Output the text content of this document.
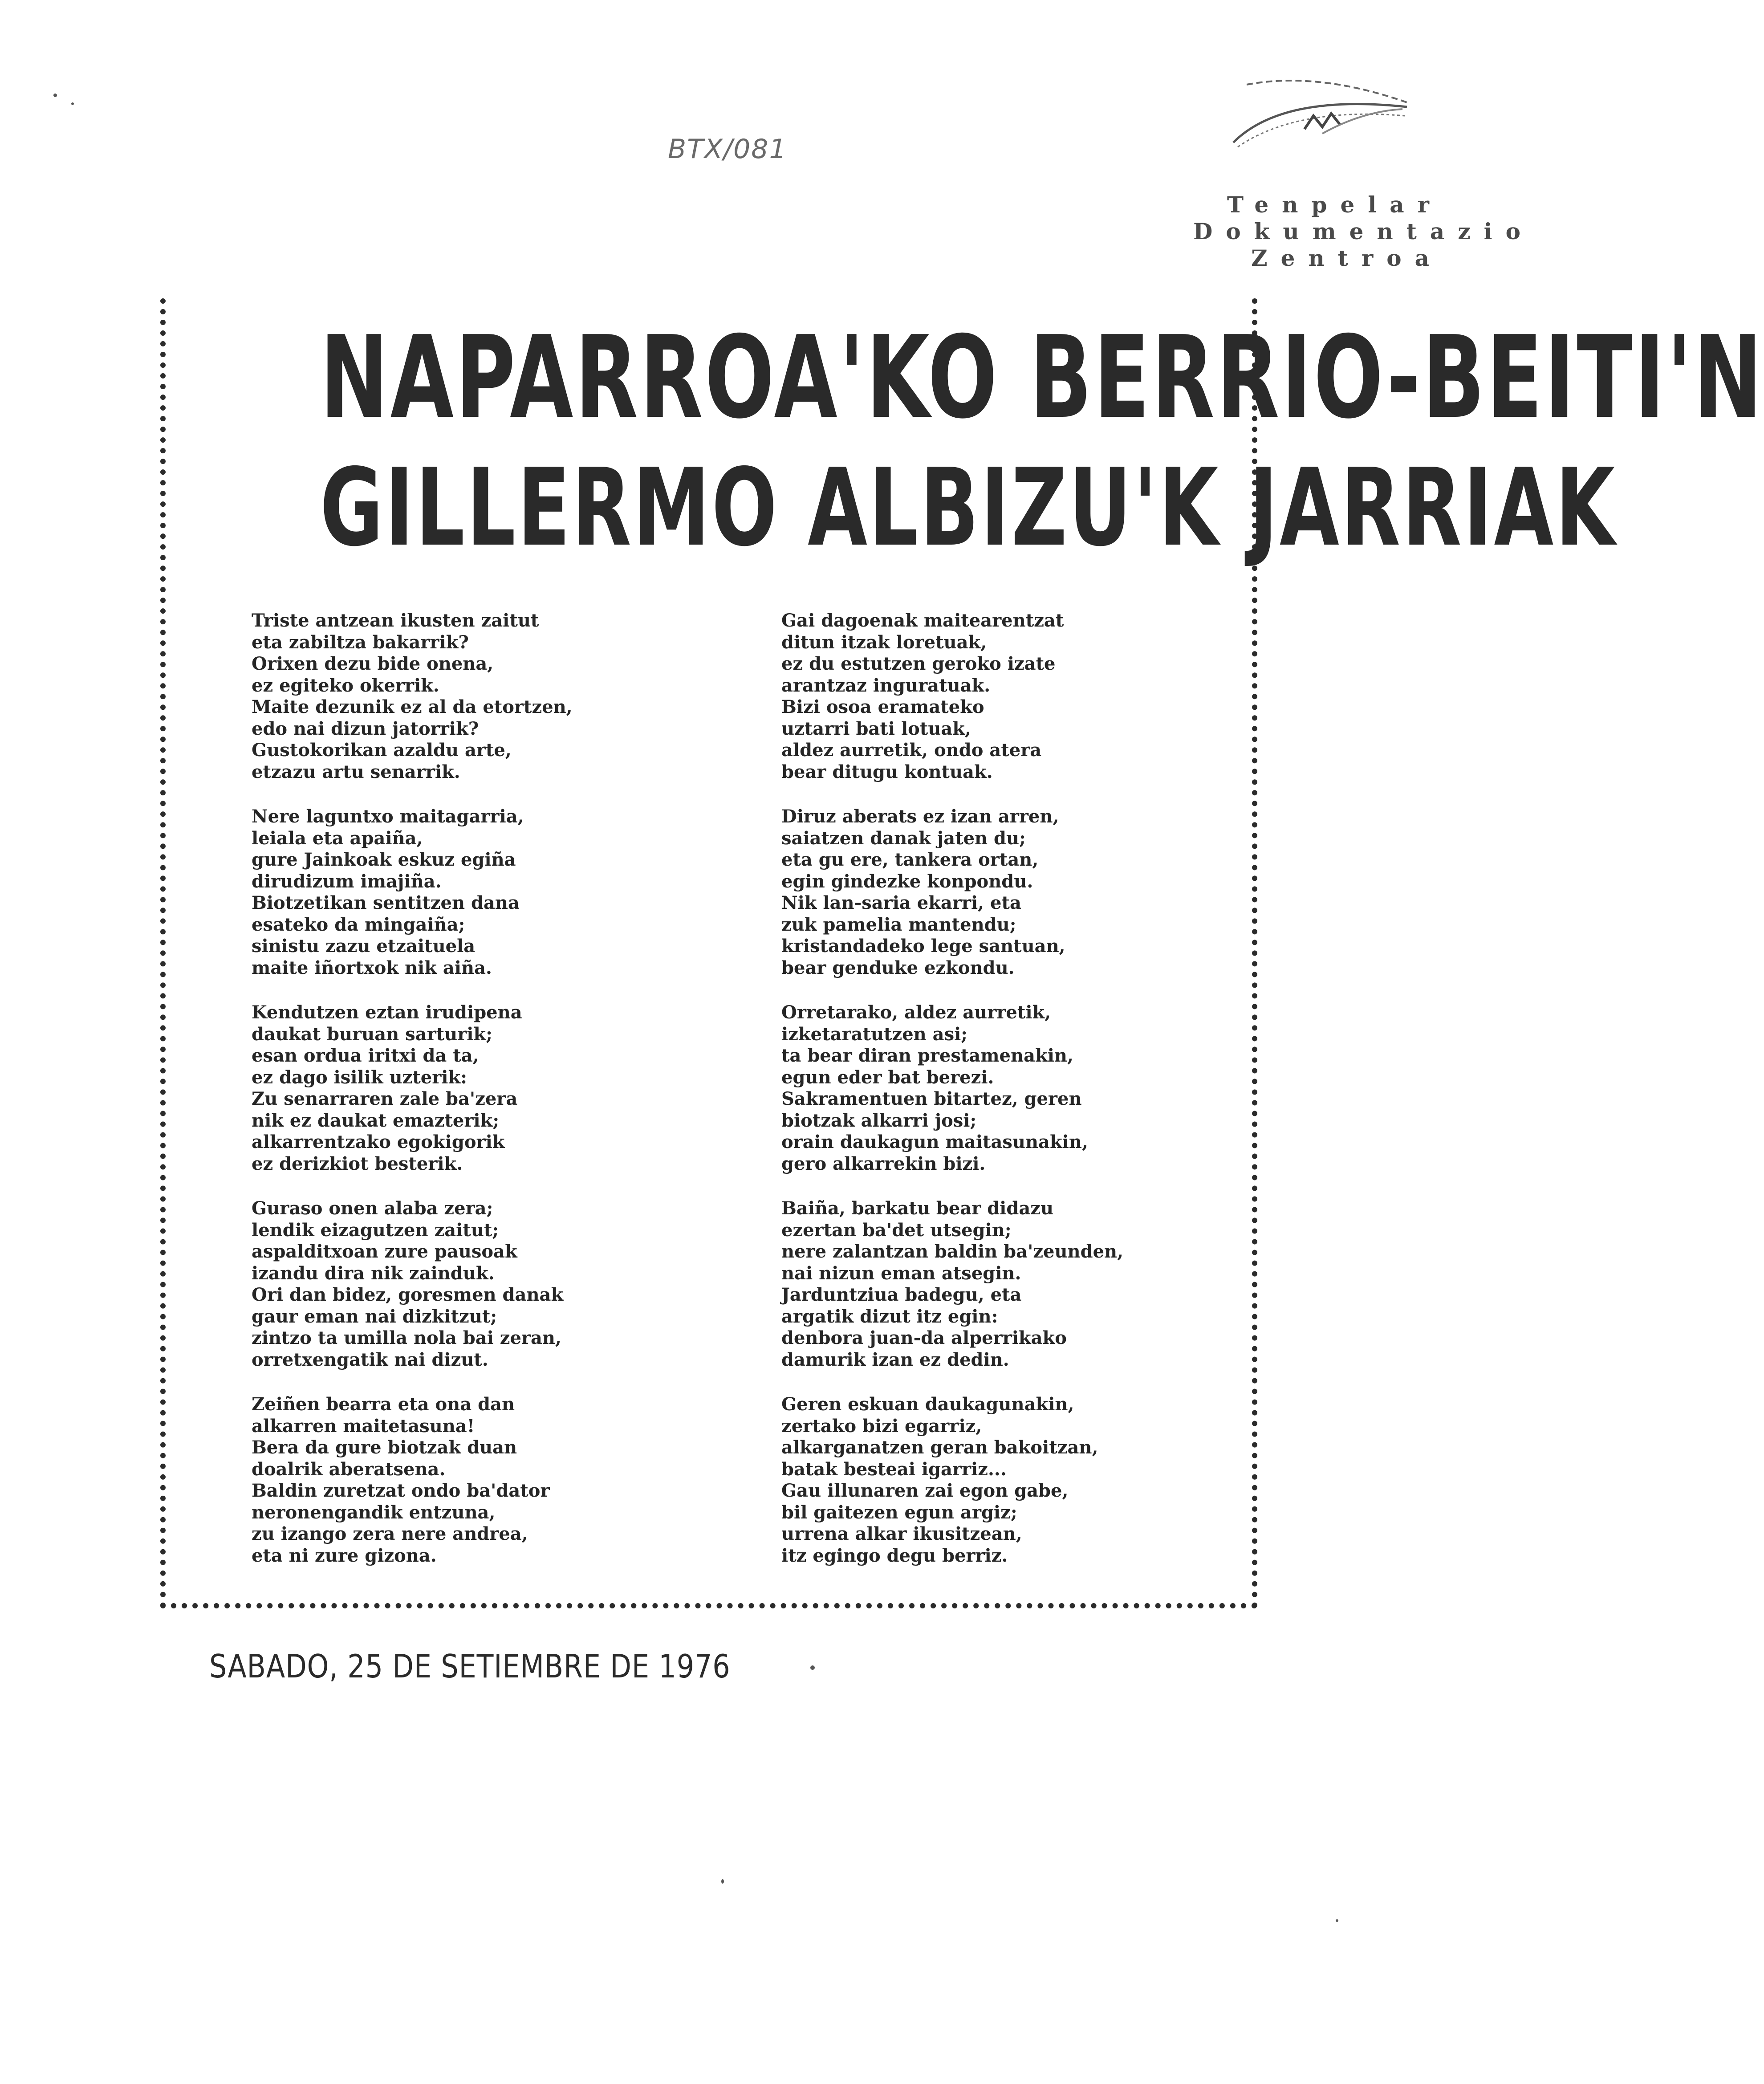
BTX/081
Tenpelar
Dokumentazio
Zentroa
NAPARROA'KO BERRIO-BEITI'N
GILLERMO ALBIZU'K JARRIAK
Triste antzean ikusten zaitut
eta zabiltza bakarrik?
Orixen dezu bide onena,
ez egiteko okerrik.
Maite dezunik ez al da etortzen,
edo nai dizun jatorrik?
Gustokorikan azaldu arte,
etzazu artu senarrik.
Nere laguntxo maitagarria,
leiala eta apaiña,
gure Jainkoak eskuz egiña
dirudizum imajiña.
Biotzetikan sentitzen dana
esateko da mingaiña;
sinistu zazu etzaituela
maite iñortxok nik aiña.
Kendutzen eztan irudipena
daukat buruan sarturik;
esan ordua iritxi da ta,
ez dago isilik uzterik:
Zu senarraren zale ba'zera
nik ez daukat emazterik;
alkarrentzako egokigorik
ez derizkiot besterik.
Guraso onen alaba zera;
lendik eizagutzen zaitut;
aspalditxoan zure pausoak
izandu dira nik zainduk.
Ori dan bidez, goresmen danak
gaur eman nai dizkitzut;
zintzo ta umilla nola bai zeran,
orretxengatik nai dizut.
Zeiñen bearra eta ona dan
alkarren maitetasuna!
Bera da gure biotzak duan
doalrik aberatsena.
Baldin zuretzat ondo ba'dator
neronengandik entzuna,
zu izango zera nere andrea,
eta ni zure gizona.
Gai dagoenak maitearentzat
ditun itzak loretuak,
ez du estutzen geroko izate
arantzaz inguratuak.
Bizi osoa eramateko
uztarri bati lotuak,
aldez aurretik, ondo atera
bear ditugu kontuak.
Diruz aberats ez izan arren,
saiatzen danak jaten du;
eta gu ere, tankera ortan,
egin gindezke konpondu.
Nik lan-saria ekarri, eta
zuk pamelia mantendu;
kristandadeko lege santuan,
bear genduke ezkondu.
Orretarako, aldez aurretik,
izketaratutzen asi;
ta bear diran prestamenakin,
egun eder bat berezi.
Sakramentuen bitartez, geren
biotzak alkarri josi;
orain daukagun maitasunakin,
gero alkarrekin bizi.
Baiña, barkatu bear didazu
ezertan ba'det utsegin;
nere zalantzan baldin ba'zeunden,
nai nizun eman atsegin.
Jarduntziua badegu, eta
argatik dizut itz egin:
denbora juan-da alperrikako
damurik izan ez dedin.
Geren eskuan daukagunakin,
zertako bizi egarriz,
alkarganatzen geran bakoitzan,
batak besteai igarriz...
Gau illunaren zai egon gabe,
bil gaitezen egun argiz;
urrena alkar ikusitzean,
itz egingo degu berriz.
SABADO, 25 DE SETIEMBRE DE 1976
